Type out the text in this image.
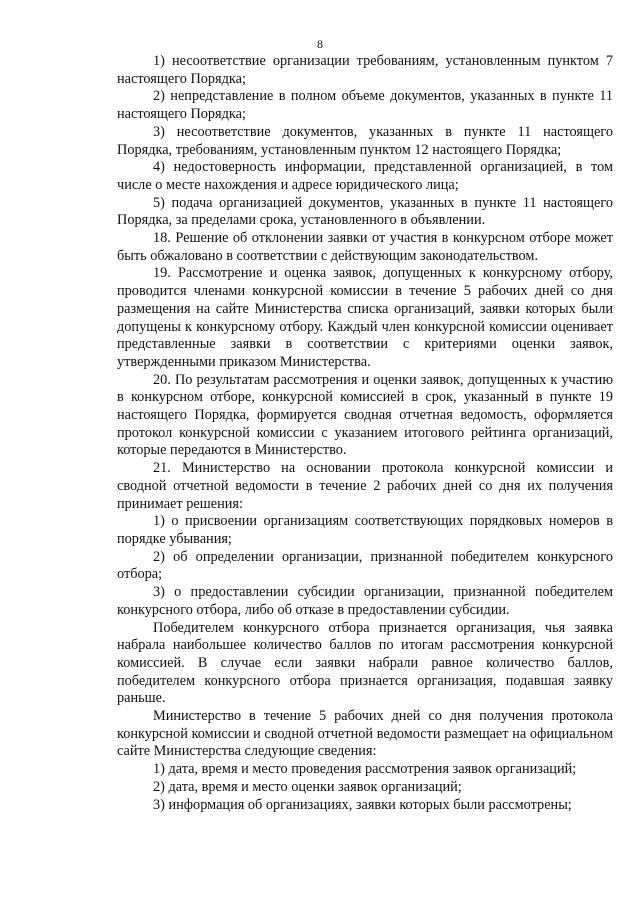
8

1) несоответствие организации требованиям, установленным пунктом 7 настоящего Порядка;

2) непредставление в полном объеме документов, указанных в пункте 11 настоящего Порядка;

3) несоответствие документов, указанных в пункте 11 настоящего Порядка, требованиям, установленным пунктом 12 настоящего Порядка;

4) недостоверность информации, представленной организацией, в том числе о месте нахождения и адресе юридического лица;

5) подача организацией документов, указанных в пункте 11 настоящего Порядка, за пределами срока, установленного в объявлении.

18. Решение об отклонении заявки от участия в конкурсном отборе может быть обжаловано в соответствии с действующим законодательством.

19. Рассмотрение и оценка заявок, допущенных к конкурсному отбору, проводится членами конкурсной комиссии в течение 5 рабочих дней со дня размещения на сайте Министерства списка организаций, заявки которых были допущены к конкурсному отбору. Каждый член конкурсной комиссии оценивает представленные заявки в соответствии с критериями оценки заявок, утвержденными приказом Министерства.

20. По результатам рассмотрения и оценки заявок, допущенных к участию в конкурсном отборе, конкурсной комиссией в срок, указанный в пункте 19 настоящего Порядка, формируется сводная отчетная ведомость, оформляется протокол конкурсной комиссии с указанием итогового рейтинга организаций, которые передаются в Министерство.

21. Министерство на основании протокола конкурсной комиссии и сводной отчетной ведомости в течение 2 рабочих дней со дня их получения принимает решения:

1) о присвоении организациям соответствующих порядковых номеров в порядке убывания;

2) об определении организации, признанной победителем конкурсного отбора;

3) о предоставлении субсидии организации, признанной победителем конкурсного отбора, либо об отказе в предоставлении субсидии.

Победителем конкурсного отбора признается организация, чья заявка набрала наибольшее количество баллов по итогам рассмотрения конкурсной комиссией. В случае если заявки набрали равное количество баллов, победителем конкурсного отбора признается организация, подавшая заявку раньше.

Министерство в течение 5 рабочих дней со дня получения протокола конкурсной комиссии и сводной отчетной ведомости размещает на официальном сайте Министерства следующие сведения:

1) дата, время и место проведения рассмотрения заявок организаций;

2) дата, время и место оценки заявок организаций;

3) информация об организациях, заявки которых были рассмотрены;
